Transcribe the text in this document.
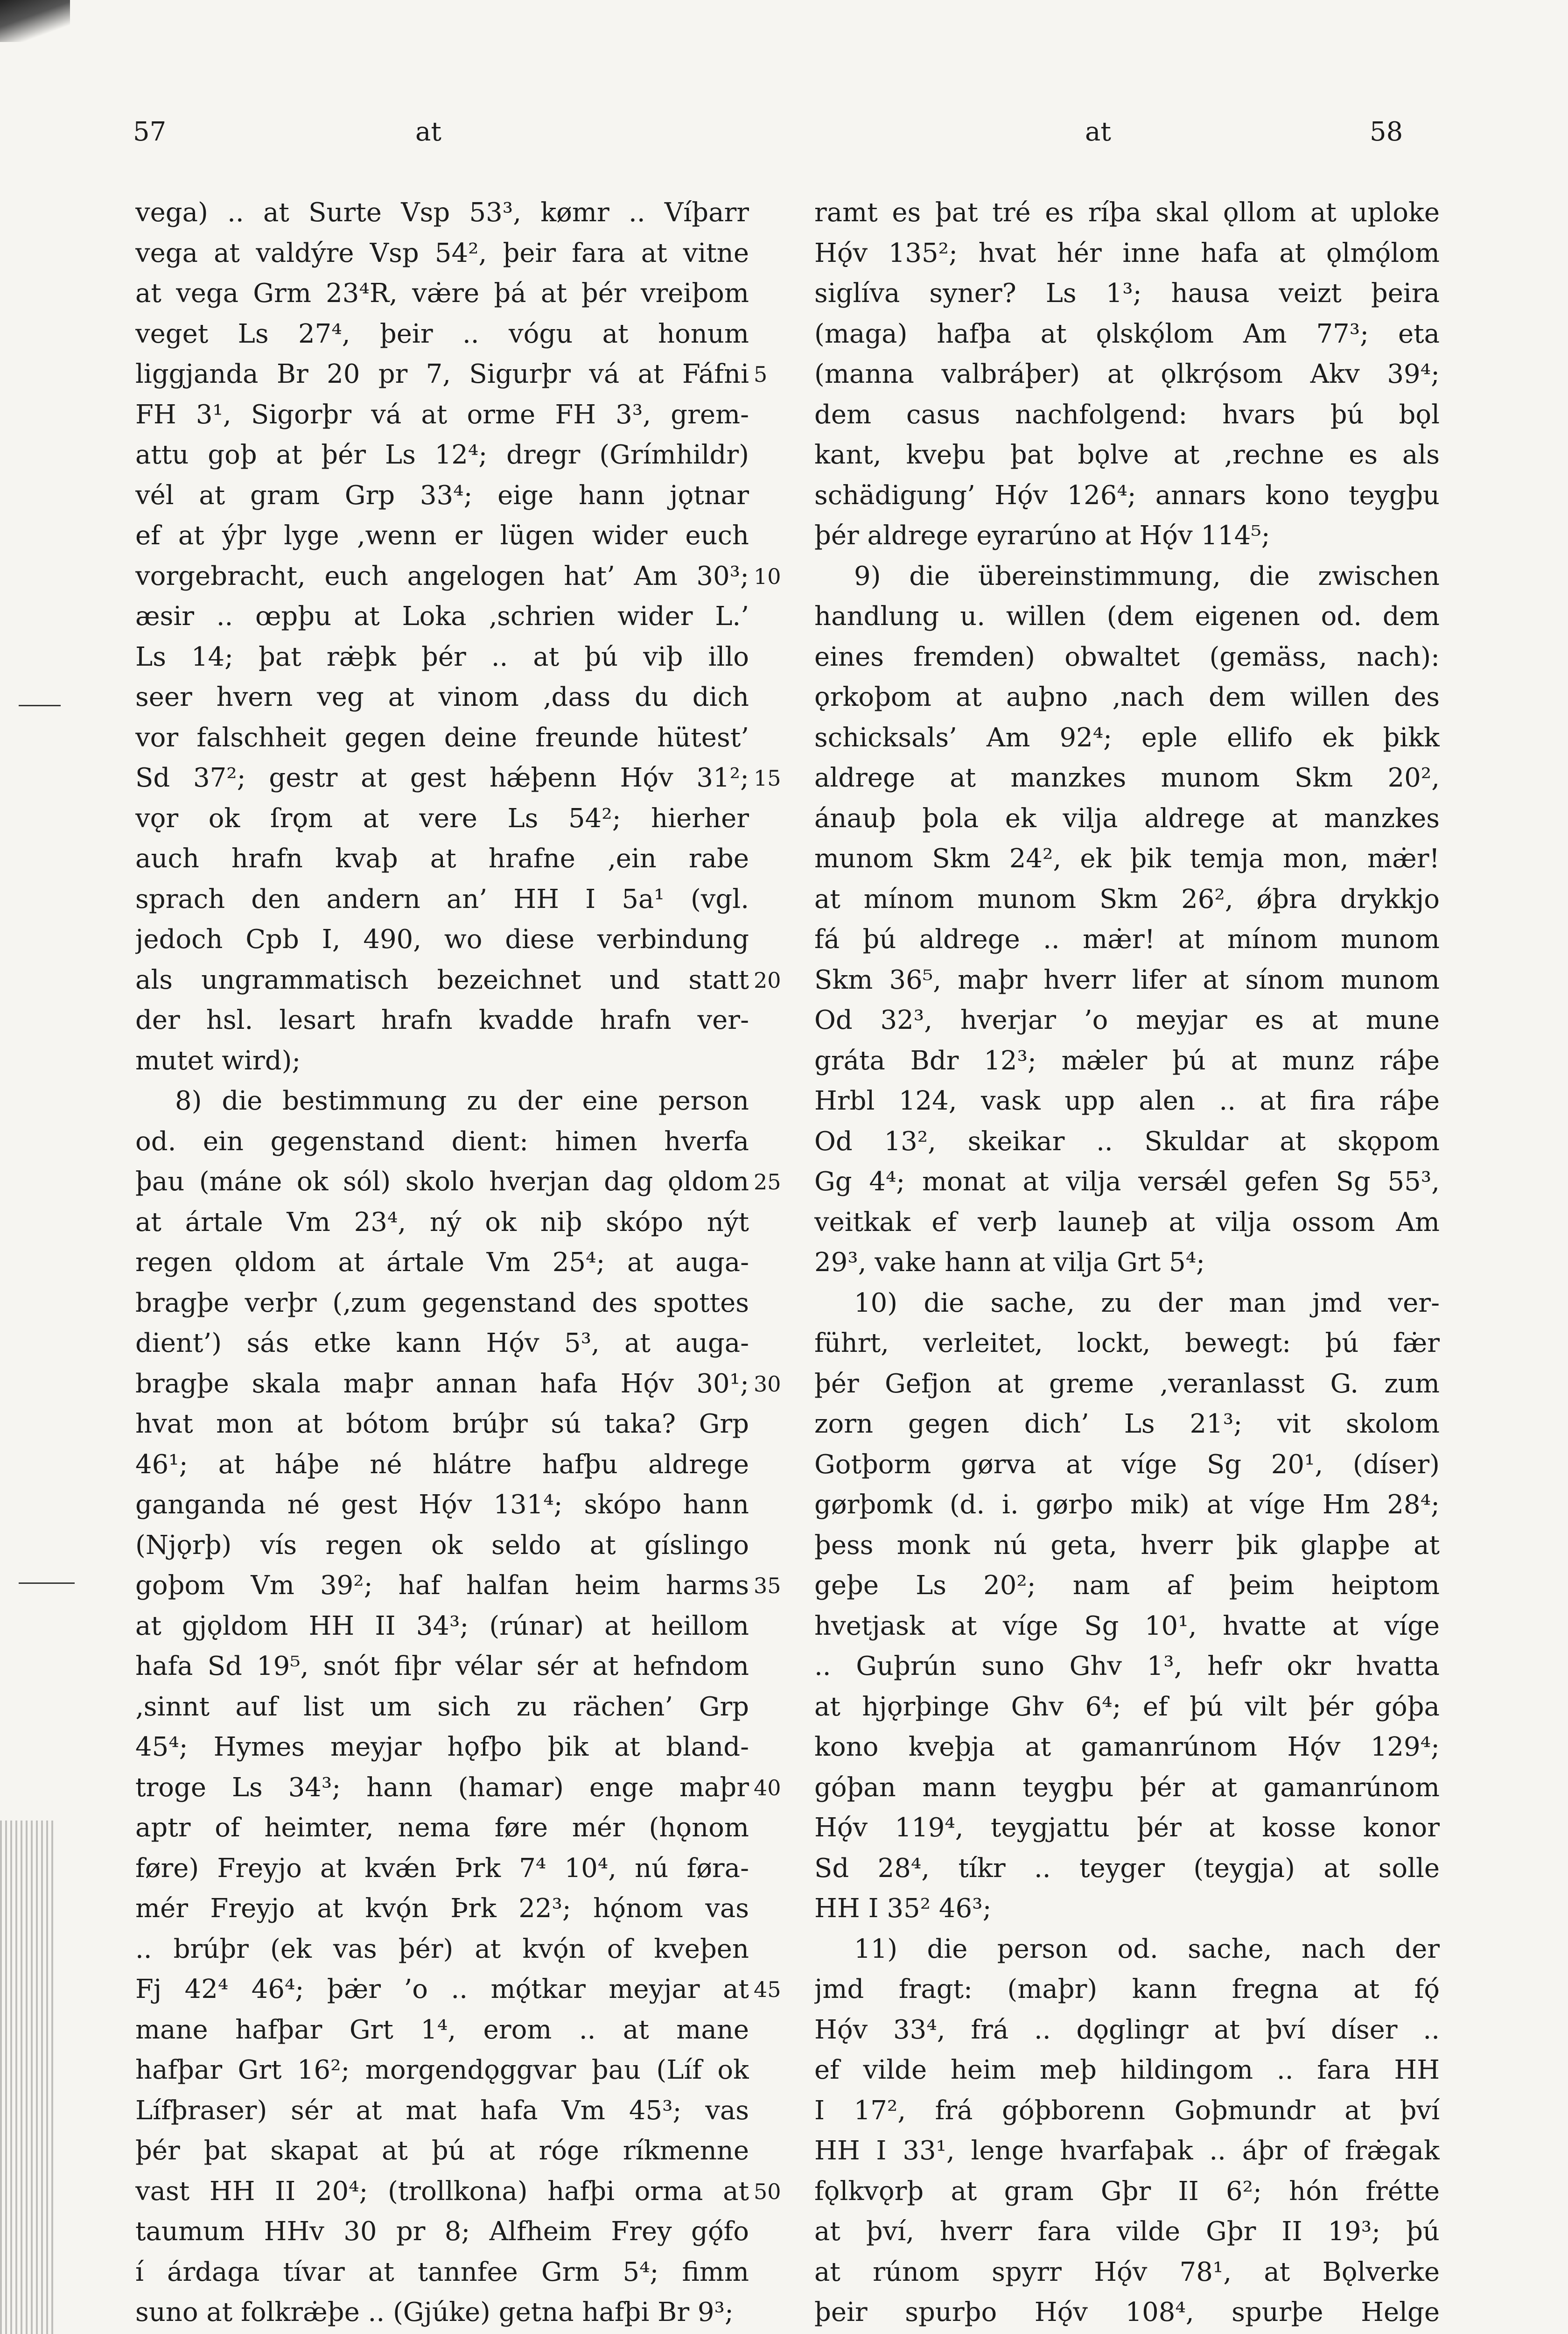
57	at	at	58
vega) .. at Surte Vsp 53³, kømr .. Víþarr
vega at valdýre Vsp 54², þeir fara at vitne
at vega Grm 23⁴R, væ̇re þá at þér vreiþom
veget Ls 27⁴, þeir .. vógu at honum
liggjanda Br 20 pr 7, Sigurþr vá at Fáfni
FH 3¹, Sigorþr vá at orme FH 3³, grem-
attu goþ at þér Ls 12⁴; dregr (Grímhildr)
vél at gram Grp 33⁴; eige hann jǫtnar
ef at ýþr lyge ‚wenn er lügen wider euch
vorgebracht, euch angelogen hat’ Am 30³;
æsir .. œpþu at Loka ‚schrien wider L.’
Ls 14; þat ræ̇þk þér .. at þú viþ illo
seer hvern veg at vinom ‚dass du dich
vor falschheit gegen deine freunde hütest’
Sd 37²; gestr at gest hǽþenn Hǫ́v 31²;
vǫr ok ſrǫm at vere Ls 54²; hierher
auch hrafn kvaþ at hrafne ‚ein rabe
sprach den andern an’ HH I 5a¹ (vgl.
jedoch Cpb I, 490, wo diese verbindung
als ungrammatisch bezeichnet und statt
der hsl. lesart hrafn kvadde hrafn ver-
mutet wird);
8) die bestimmung zu der eine person
od. ein gegenstand dient: himen hverfa
þau (máne ok sól) skolo hverjan dag ǫldom
at ártale Vm 23⁴, ný ok niþ skópo nýt
regen ǫldom at ártale Vm 25⁴; at auga-
bragþe verþr (‚zum gegenstand des spottes
dient’) sás etke kann Hǫ́v 5³, at auga-
bragþe skala maþr annan hafa Hǫ́v 30¹;
hvat mon at bótom brúþr sú taka? Grp
46¹; at háþe né hlátre hafþu aldrege
ganganda né gest Hǫ́v 131⁴; skópo hann
(Njǫrþ) vís regen ok seldo at gíslingo
goþom Vm 39²; haf halfan heim harms
at gjǫldom HH II 34³; (rúnar) at heillom
hafa Sd 19⁵, snót fiþr vélar sér at hefndom
‚sinnt auf list um sich zu rächen’ Grp
45⁴; Hymes meyjar hǫfþo þik at bland-
troge Ls 34³; hann (hamar) enge maþr
aptr of heimter, nema føre mér (hǫnom
føre) Freyjo at kvǽn Þrk 7⁴ 10⁴, nú føra-
mér Freyjo at kvǫ́n Þrk 22³; hǫ́nom vas
.. brúþr (ek vas þér) at kvǫ́n of kveþen
Fj 42⁴ 46⁴; þæ̇r ’o .. mǫ́tkar meyjar at
mane hafþar Grt 1⁴, erom .. at mane
hafþar Grt 16²; morgendǫggvar þau (Líf ok
Lífþraser) sér at mat hafa Vm 45³; vas
þér þat skapat at þú at róge ríkmenne
vast HH II 20⁴; (trollkona) hafþi orma at
taumum HHv 30 pr 8; Alfheim Frey gǫ́fo
í árdaga tívar at tannfee Grm 5⁴; fimm
suno at folkræ̇þe .. (Gjúke) getna hafþi Br 9³;
5
10
15
20
25
30
35
40
45
50
ramt es þat tré es ríþa skal ǫllom at uploke
Hǫ́v 135²; hvat hér inne hafa at ǫlmǫ́lom
siglíva syner? Ls 1³; hausa veizt þeira
(maga) hafþa at ǫlskǫ́lom Am 77³; eta
(manna valbráþer) at ǫlkrǫ́som Akv 39⁴;
dem casus nachfolgend: hvars þú bǫl
kant, kveþu þat bǫlve at ‚rechne es als
schädigung’ Hǫ́v 126⁴; annars kono teygþu
þér aldrege eyrarúno at Hǫ́v 114⁵;
9) die übereinstimmung, die zwischen
handlung u. willen (dem eigenen od. dem
eines fremden) obwaltet (gemäss, nach):
ǫrkoþom at auþno ‚nach dem willen des
schicksals’ Am 92⁴; eple ellifo ek þikk
aldrege at manzkes munom Skm 20²,
ánauþ þola ek vilja aldrege at manzkes
munom Skm 24², ek þik temja mon, mæ̇r!
at mínom munom Skm 26², ǿþra drykkjo
fá þú aldrege .. mæ̇r! at mínom munom
Skm 36⁵, maþr hverr lifer at sínom munom
Od 32³, hverjar ’o meyjar es at mune
gráta Bdr 12³; mæ̇ler þú at munz ráþe
Hrbl 124, vask upp alen .. at fira ráþe
Od 13², skeikar .. Skuldar at skǫpom
Gg 4⁴; monat at vilja versǽl gefen Sg 55³,
veitkak ef verþ launeþ at vilja ossom Am
29³, vake hann at vilja Grt 5⁴;
10) die sache, zu der man jmd ver-
führt, verleitet, lockt, bewegt: þú fæ̇r
þér Gefjon at greme ‚veranlasst G. zum
zorn gegen dich’ Ls 21³; vit skolom
Gotþorm gørva at víge Sg 20¹, (díser)
gørþomk (d. i. gørþo mik) at víge Hm 28⁴;
þess monk nú geta, hverr þik glapþe at
geþe Ls 20²; nam af þeim heiptom
hvetjask at víge Sg 10¹, hvatte at víge
.. Guþrún suno Ghv 1³, hefr okr hvatta
at hjǫrþinge Ghv 6⁴; ef þú vilt þér góþa
kono kveþja at gamanrúnom Hǫ́v 129⁴;
góþan mann teygþu þér at gamanrúnom
Hǫ́v 119⁴, teygjattu þér at kosse konor
Sd 28⁴, tíkr .. teyger (teygja) at solle
HH I 35² 46³;
11) die person od. sache, nach der
jmd fragt: (maþr) kann fregna at fǫ́
Hǫ́v 33⁴, frá .. dǫglingr at því díser ..
ef vilde heim meþ hildingom .. fara HH
I 17², frá góþborenn Goþmundr at því
HH I 33¹, lenge hvarfaþak .. áþr of fræ̇gak
fǫlkvǫrþ at gram Gþr II 6²; hón frétte
at því, hverr fara vilde Gþr II 19³; þú
at rúnom spyrr Hǫ́v 78¹, at Bǫlverke
þeir spurþo Hǫ́v 108⁴, spurþe Helge
